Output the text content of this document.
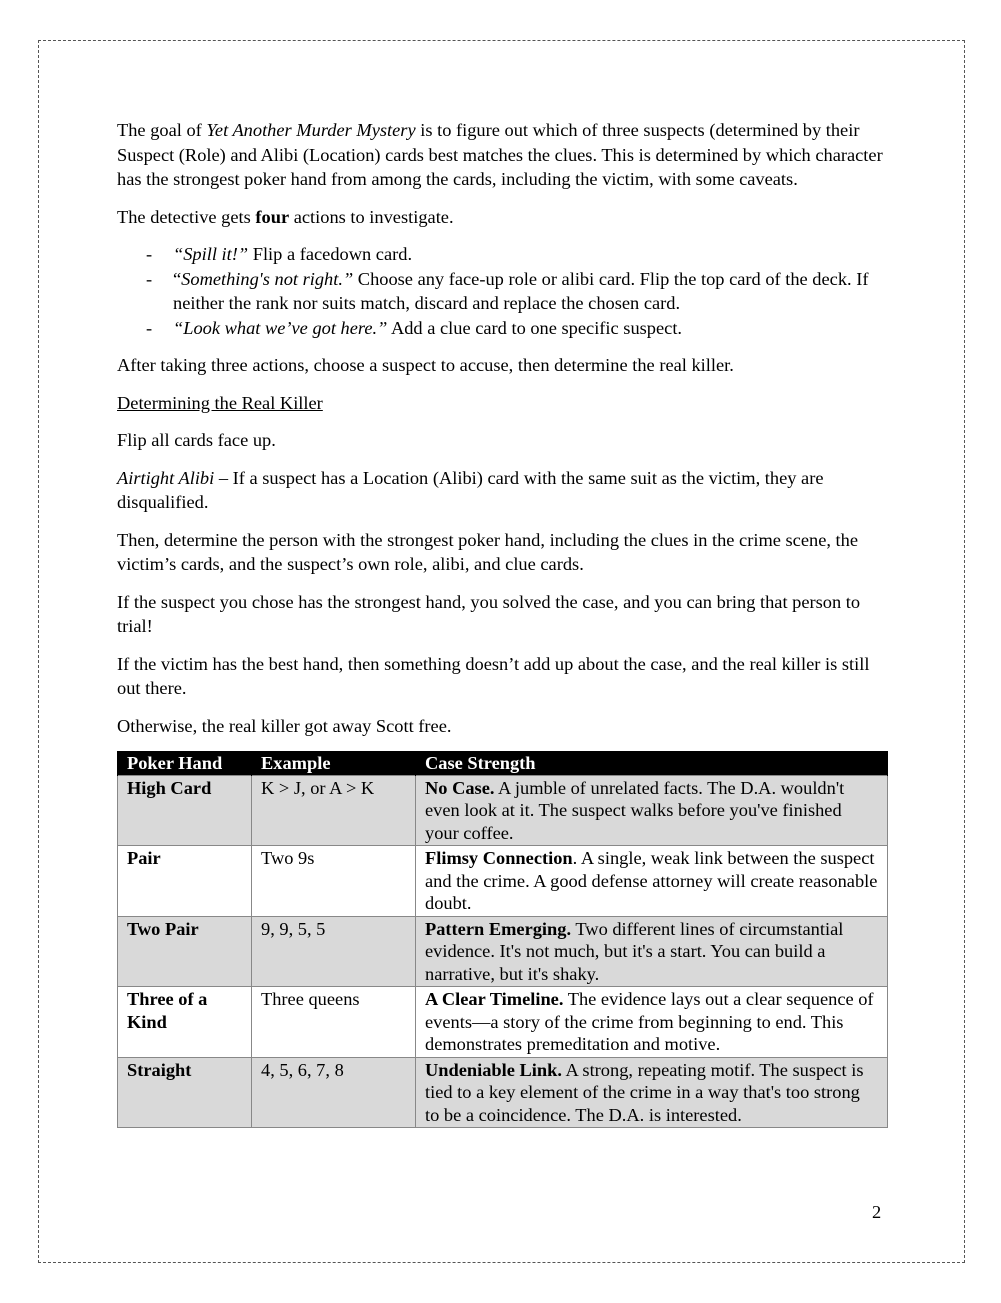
The goal of Yet Another Murder Mystery is to figure out which of three suspects (determined by their Suspect (Role) and Alibi (Location) cards best matches the clues. This is determined by which character has the strongest poker hand from among the cards, including the victim, with some caveats.

The detective gets four actions to investigate.

- “Spill it!” Flip a facedown card.
- “Something's not right.” Choose any face-up role or alibi card. Flip the top card of the deck. If neither the rank nor suits match, discard and replace the chosen card.
- “Look what we’ve got here.” Add a clue card to one specific suspect.

After taking three actions, choose a suspect to accuse, then determine the real killer.

Determining the Real Killer

Flip all cards face up.

Airtight Alibi – If a suspect has a Location (Alibi) card with the same suit as the victim, they are disqualified.

Then, determine the person with the strongest poker hand, including the clues in the crime scene, the victim’s cards, and the suspect’s own role, alibi, and clue cards.

If the suspect you chose has the strongest hand, you solved the case, and you can bring that person to trial!

If the victim has the best hand, then something doesn’t add up about the case, and the real killer is still out there.

Otherwise, the real killer got away Scott free.

Poker Hand	Example	Case Strength
High Card	K > J, or A > K	No Case. A jumble of unrelated facts. The D.A. wouldn't even look at it. The suspect walks before you've finished your coffee.
Pair	Two 9s	Flimsy Connection. A single, weak link between the suspect and the crime. A good defense attorney will create reasonable doubt.
Two Pair	9, 9, 5, 5	Pattern Emerging. Two different lines of circumstantial evidence. It's not much, but it's a start. You can build a narrative, but it's shaky.
Three of a Kind	Three queens	A Clear Timeline. The evidence lays out a clear sequence of events—a story of the crime from beginning to end. This demonstrates premeditation and motive.
Straight	4, 5, 6, 7, 8	Undeniable Link. A strong, repeating motif. The suspect is tied to a key element of the crime in a way that's too strong to be a coincidence. The D.A. is interested.
2
